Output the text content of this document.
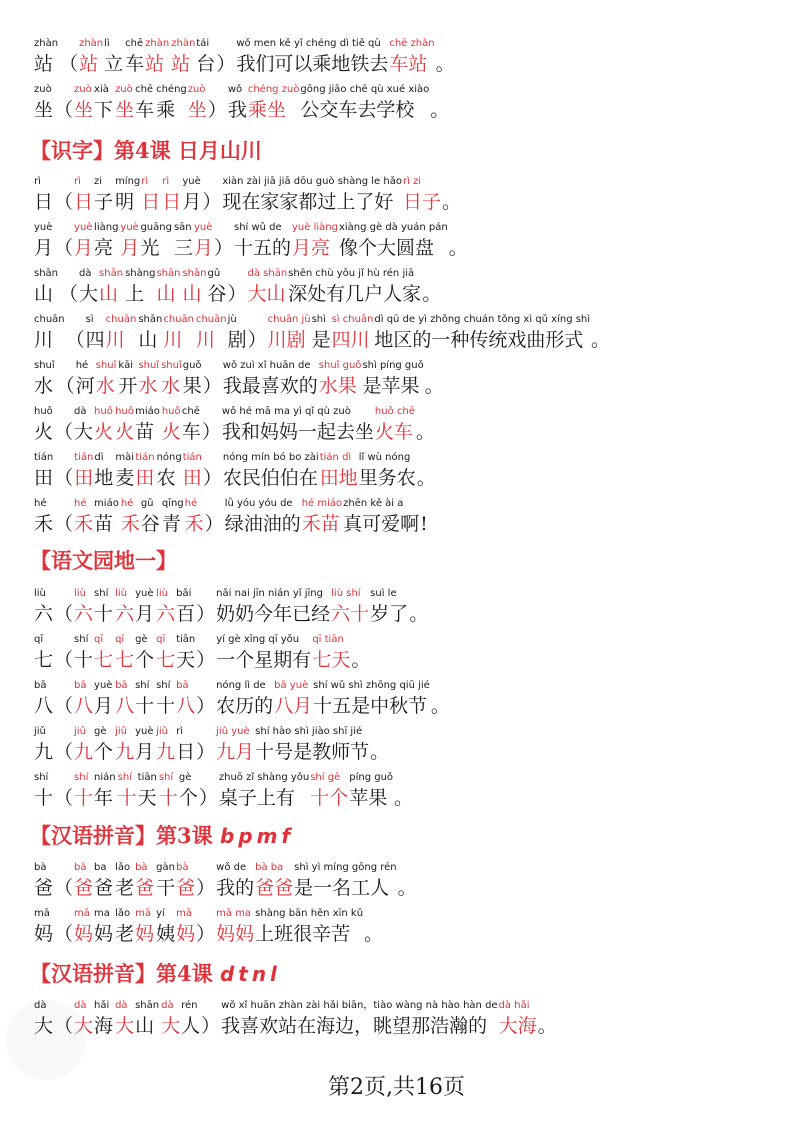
【识字】第4课 日月山川
【语文园地一】
【汉语拼音】第3课 bpmf
【汉语拼音】第4课 dtnl
站
zhàn
（ 站
zhàn
立
lì
车
chē
站
zhàn
站
zhàn
台
tái
） 我们可以乘地铁去
wǒ men kě yǐ chéng dì tiě qù
车站
chē zhàn
。
坐
zuò
（ 坐
zuò
下
xià
坐
zuò
车
chē
乘
chéng
坐
zuò
） 我
wǒ
乘坐
chéng zuò
公交车去学校
gōng jiāo chē qù xué xiào
。
日
rì
（ 日
rì
子
zi
明
míng
日
rì
日
rì
月
yuè
） 现在家家都过上了好
xiàn zài jiā jiā dōu guò shàng le hǎo
日子
rì zi
。
月
yuè
（ 月
yuè
亮
liàng
月
yuè
光
guāng
三
sān
月
yuè
） 十五的
shí wǔ de
月亮
yuè liàng
像个大圆盘
xiàng gè dà yuán pán
。
山
shān
（ 大
dà
山
shān
上
shàng
山
shān
山
shān
谷
gǔ
） 大山
dà shān
深处有几户人家
shēn chù yǒu jǐ hù rén jiā
。
川
chuān
（ 四
sì
川
chuān
山
shān
川
chuān
川
chuān
剧
jù
） 川剧
chuān jù
是
shì
四川
sì chuān
地区的一种传统戏曲形式
dì qū de yì zhǒng chuán tǒng xì qǔ xíng shì
。
水
shuǐ
（ 河
hé
水
shuǐ
开
kāi
水
shuǐ
水
shuǐ
果
guǒ
） 我最喜欢的
wǒ zuì xǐ huān de
水果
shuǐ guǒ
是苹果
shì píng guǒ
。
火
huǒ
（ 大
dà
火
huǒ
火
huǒ
苗
miáo
火
huǒ
车
chē
） 我和妈妈一起去坐
wǒ hé mā ma yì qǐ qù zuò
火车
huǒ chē
。
田
tián
（ 田
tián
地
dì
麦
mài
田
tián
农
nóng
田
tián
） 农民伯伯在
nóng mín bó bo zài
田地
tián dì
里务农
lǐ wù nóng
。
禾
hé
（ 禾
hé
苗
miáo
禾
hé
谷
gǔ
青
qīng
禾
hé
） 绿油油的
lǜ yóu yóu de
禾苗
hé miáo
真可爱啊
zhēn kě ài a
!
六
liù
（ 六
liù
十
shí
六
liù
月
yuè
六
liù
百
bǎi
） 奶奶今年已经
nǎi nai jīn nián yǐ jīng
六十
liù shí
岁了
suì le
。
七
qī
（ 十
shí
七
qī
七
qī
个
gè
七
qī
天
tiān
） 一个星期有
yí gè xīng qī yǒu
七天
qī tiān
。
八
bā
（ 八
bā
月
yuè
八
bā
十
shí
十
shí
八
bā
） 农历的
nóng lì de
八月
bā yuè
十五是中秋节
shí wǔ shì zhōng qiū jié
。
九
jiǔ
（ 九
jiǔ
个
gè
九
jiǔ
月
yuè
九
jiǔ
日
rì
） 九月
jiǔ yuè
十号是教师节
shí hào shì jiào shī jié
。
十
shí
（ 十
shí
年
nián
十
shí
天
tiān
十
shí
个
gè
） 桌子上有
zhuō zǐ shàng yǒu
十个
shí gè
苹果
píng guǒ
。
爸
bà
（ 爸
bà
爸
ba
老
lǎo
爸
bà
干
gàn
爸
bà
） 我的
wǒ de
爸爸
bà ba
是一名工人
shì yì míng gōng rén
。
妈
mā
（ 妈
mā
妈
ma
老
lǎo
妈
mā
姨
yí
妈
mā
） 妈妈
mā ma
上班很辛苦
shàng bān hěn xīn kǔ
。
大
dà
（ 大
dà
海
hǎi
大
dà
山
shān
大
dà
人
rén
） 我喜欢站在海边，眺望那浩瀚的
wǒ xǐ huān zhàn zài hǎi biān，tiào wàng nà hào hàn de
大海
dà hǎi
。
第2页,共16页
